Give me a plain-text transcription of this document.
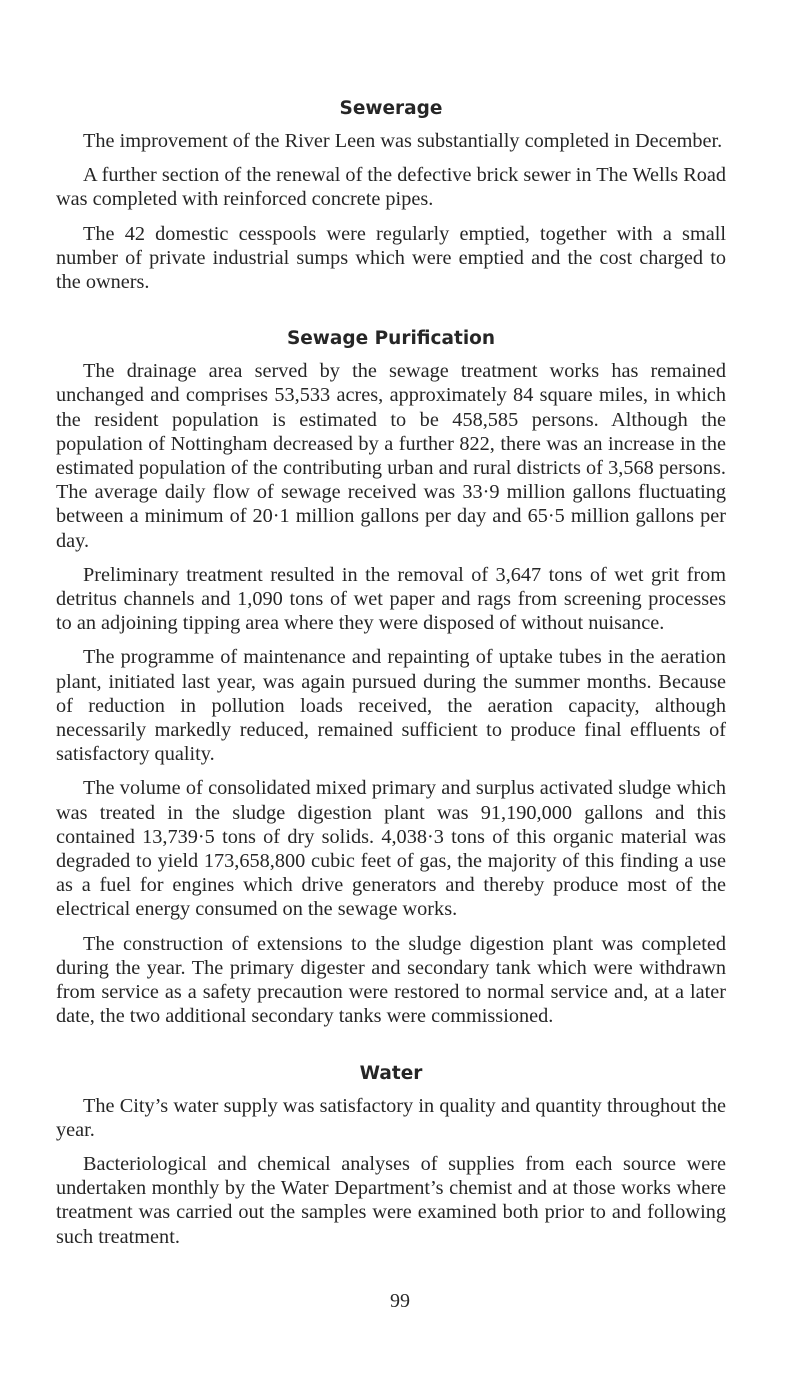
Sewerage

The improvement of the River Leen was substantially completed in December.

A further section of the renewal of the defective brick sewer in The Wells Road was completed with reinforced concrete pipes.

The 42 domestic cesspools were regularly emptied, together with a small number of private industrial sumps which were emptied and the cost charged to the owners.

Sewage Purification

The drainage area served by the sewage treatment works has remained unchanged and comprises 53,533 acres, approximately 84 square miles, in which the resident population is estimated to be 458,585 persons. Although the population of Nottingham decreased by a further 822, there was an increase in the estimated population of the contributing urban and rural districts of 3,568 persons. The average daily flow of sewage received was 33·9 million gallons fluctuating between a minimum of 20·1 million gallons per day and 65·5 million gallons per day.

Preliminary treatment resulted in the removal of 3,647 tons of wet grit from detritus channels and 1,090 tons of wet paper and rags from screening processes to an adjoining tipping area where they were disposed of without nuisance.

The programme of maintenance and repainting of uptake tubes in the aeration plant, initiated last year, was again pursued during the summer months. Because of reduction in pollution loads received, the aeration capacity, although necessarily markedly reduced, remained sufficient to produce final effluents of satisfactory quality.

The volume of consolidated mixed primary and surplus activated sludge which was treated in the sludge digestion plant was 91,190,000 gallons and this contained 13,739·5 tons of dry solids. 4,038·3 tons of this organic material was degraded to yield 173,658,800 cubic feet of gas, the majority of this finding a use as a fuel for engines which drive generators and thereby produce most of the electrical energy consumed on the sewage works.

The construction of extensions to the sludge digestion plant was completed during the year. The primary digester and secondary tank which were withdrawn from service as a safety precaution were restored to normal service and, at a later date, the two additional secondary tanks were commissioned.

Water

The City’s water supply was satisfactory in quality and quantity throughout the year.

Bacteriological and chemical analyses of supplies from each source were undertaken monthly by the Water Department’s chemist and at those works where treatment was carried out the samples were examined both prior to and following such treatment.

99
